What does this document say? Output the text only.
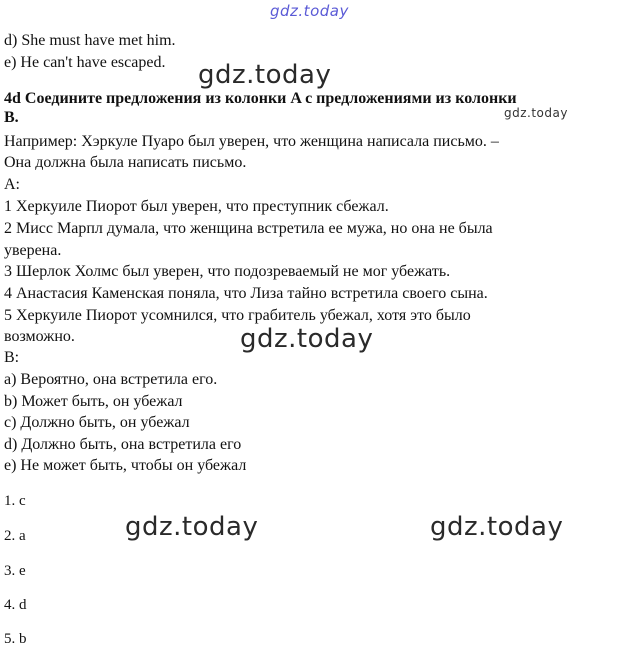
gdz.today
d) She must have met him.
e) He can't have escaped. gdz.today
4d Соедините предложения из колонки A с предложениями из колонки
B.	gdz.today
Например: Хэркуле Пуаро был уверен, что женщина написала письмо. –
Она должна была написать письмо.
A:
1 Херкуиле Пиорот был уверен, что преступник сбежал.
2 Мисс Марпл думала, что женщина встретила ее мужа, но она не была
уверена.
3 Шерлок Холмс был уверен, что подозреваемый не мог убежать.
4 Анастасия Каменская поняла, что Лиза тайно встретила своего сына.
5 Херкуиле Пиорот усомнился, что грабитель убежал, хотя это было
возможно.	gdz.today
B:
a) Вероятно, она встретила его.
b) Может быть, он убежал
c) Должно быть, он убежал
d) Должно быть, она встретила его
e) Не может быть, чтобы он убежал
1. c
2. a
3. e
4. d
5. b
gdz.today	gdz.today
